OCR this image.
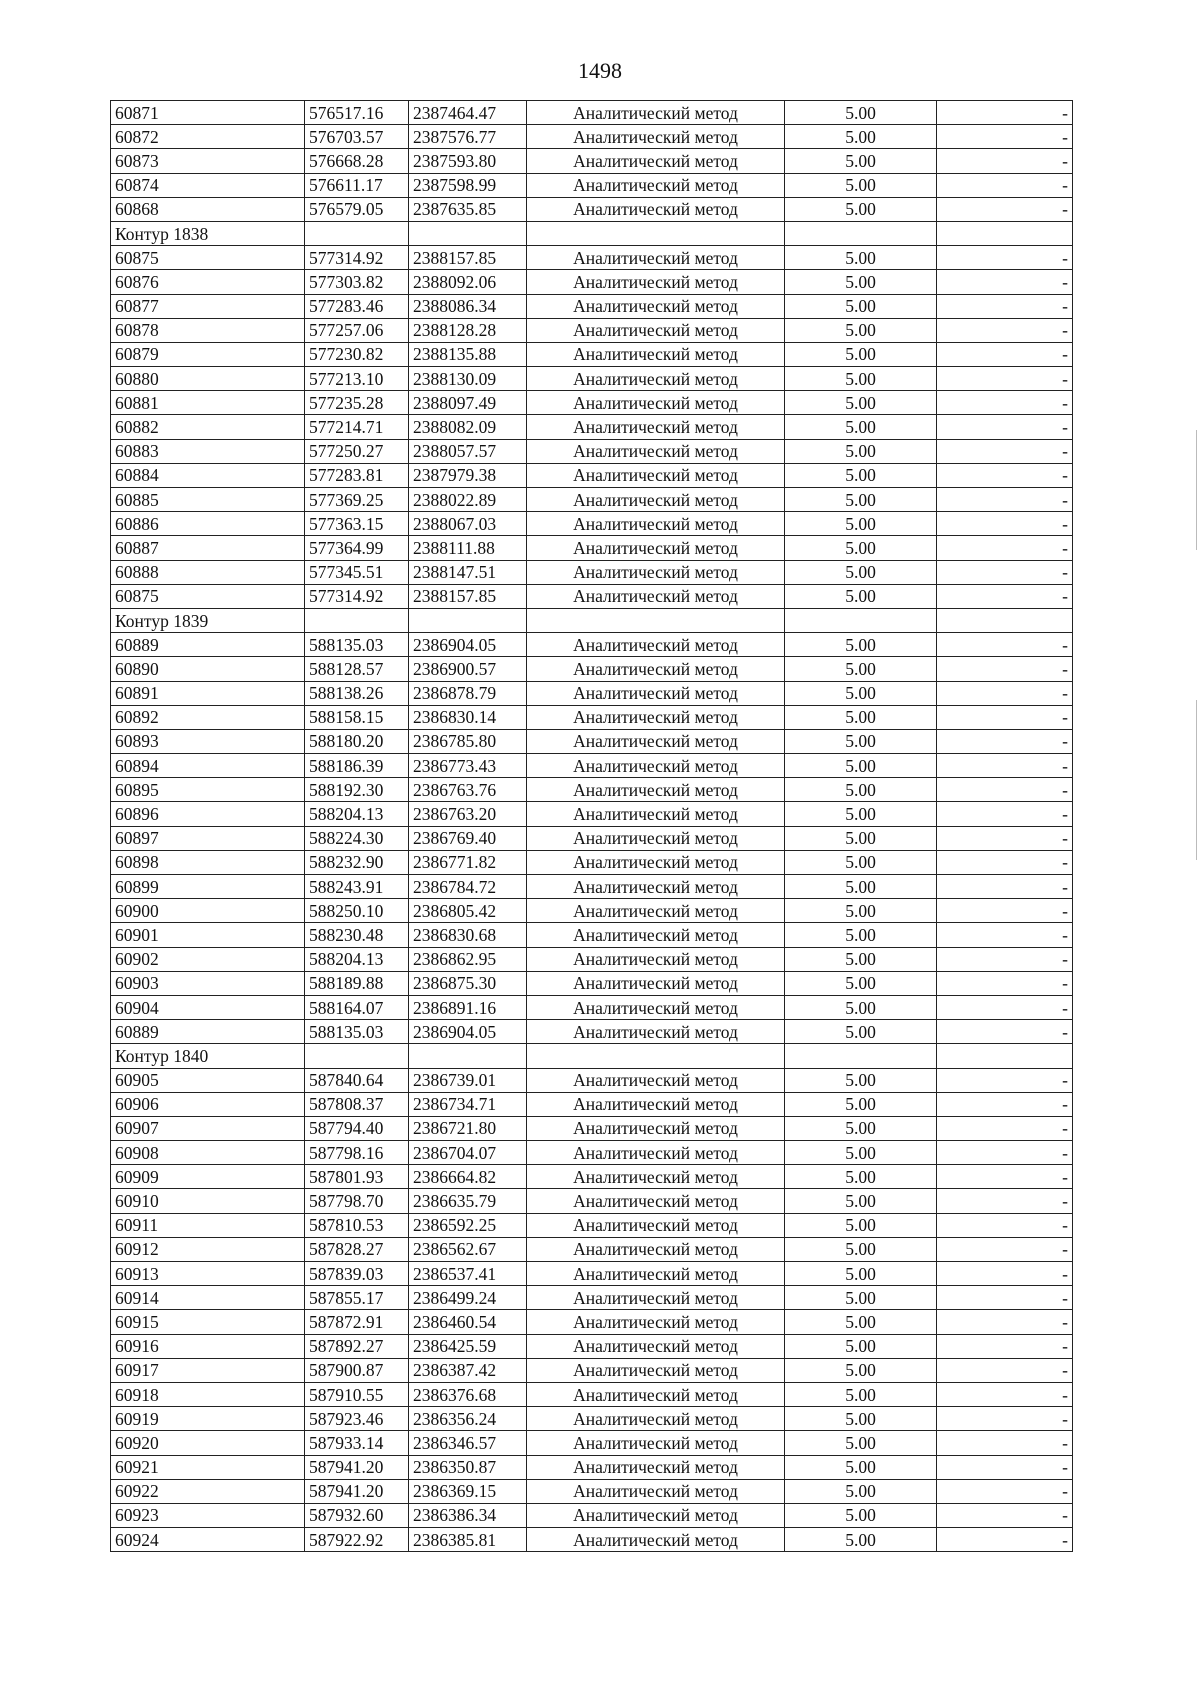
1498
60871	576517.16	2387464.47	Аналитический метод	5.00	-
60872	576703.57	2387576.77	Аналитический метод	5.00	-
60873	576668.28	2387593.80	Аналитический метод	5.00	-
60874	576611.17	2387598.99	Аналитический метод	5.00	-
60868	576579.05	2387635.85	Аналитический метод	5.00	-
Контур 1838					
60875	577314.92	2388157.85	Аналитический метод	5.00	-
60876	577303.82	2388092.06	Аналитический метод	5.00	-
60877	577283.46	2388086.34	Аналитический метод	5.00	-
60878	577257.06	2388128.28	Аналитический метод	5.00	-
60879	577230.82	2388135.88	Аналитический метод	5.00	-
60880	577213.10	2388130.09	Аналитический метод	5.00	-
60881	577235.28	2388097.49	Аналитический метод	5.00	-
60882	577214.71	2388082.09	Аналитический метод	5.00	-
60883	577250.27	2388057.57	Аналитический метод	5.00	-
60884	577283.81	2387979.38	Аналитический метод	5.00	-
60885	577369.25	2388022.89	Аналитический метод	5.00	-
60886	577363.15	2388067.03	Аналитический метод	5.00	-
60887	577364.99	2388111.88	Аналитический метод	5.00	-
60888	577345.51	2388147.51	Аналитический метод	5.00	-
60875	577314.92	2388157.85	Аналитический метод	5.00	-
Контур 1839					
60889	588135.03	2386904.05	Аналитический метод	5.00	-
60890	588128.57	2386900.57	Аналитический метод	5.00	-
60891	588138.26	2386878.79	Аналитический метод	5.00	-
60892	588158.15	2386830.14	Аналитический метод	5.00	-
60893	588180.20	2386785.80	Аналитический метод	5.00	-
60894	588186.39	2386773.43	Аналитический метод	5.00	-
60895	588192.30	2386763.76	Аналитический метод	5.00	-
60896	588204.13	2386763.20	Аналитический метод	5.00	-
60897	588224.30	2386769.40	Аналитический метод	5.00	-
60898	588232.90	2386771.82	Аналитический метод	5.00	-
60899	588243.91	2386784.72	Аналитический метод	5.00	-
60900	588250.10	2386805.42	Аналитический метод	5.00	-
60901	588230.48	2386830.68	Аналитический метод	5.00	-
60902	588204.13	2386862.95	Аналитический метод	5.00	-
60903	588189.88	2386875.30	Аналитический метод	5.00	-
60904	588164.07	2386891.16	Аналитический метод	5.00	-
60889	588135.03	2386904.05	Аналитический метод	5.00	-
Контур 1840					
60905	587840.64	2386739.01	Аналитический метод	5.00	-
60906	587808.37	2386734.71	Аналитический метод	5.00	-
60907	587794.40	2386721.80	Аналитический метод	5.00	-
60908	587798.16	2386704.07	Аналитический метод	5.00	-
60909	587801.93	2386664.82	Аналитический метод	5.00	-
60910	587798.70	2386635.79	Аналитический метод	5.00	-
60911	587810.53	2386592.25	Аналитический метод	5.00	-
60912	587828.27	2386562.67	Аналитический метод	5.00	-
60913	587839.03	2386537.41	Аналитический метод	5.00	-
60914	587855.17	2386499.24	Аналитический метод	5.00	-
60915	587872.91	2386460.54	Аналитический метод	5.00	-
60916	587892.27	2386425.59	Аналитический метод	5.00	-
60917	587900.87	2386387.42	Аналитический метод	5.00	-
60918	587910.55	2386376.68	Аналитический метод	5.00	-
60919	587923.46	2386356.24	Аналитический метод	5.00	-
60920	587933.14	2386346.57	Аналитический метод	5.00	-
60921	587941.20	2386350.87	Аналитический метод	5.00	-
60922	587941.20	2386369.15	Аналитический метод	5.00	-
60923	587932.60	2386386.34	Аналитический метод	5.00	-
60924	587922.92	2386385.81	Аналитический метод	5.00	-
